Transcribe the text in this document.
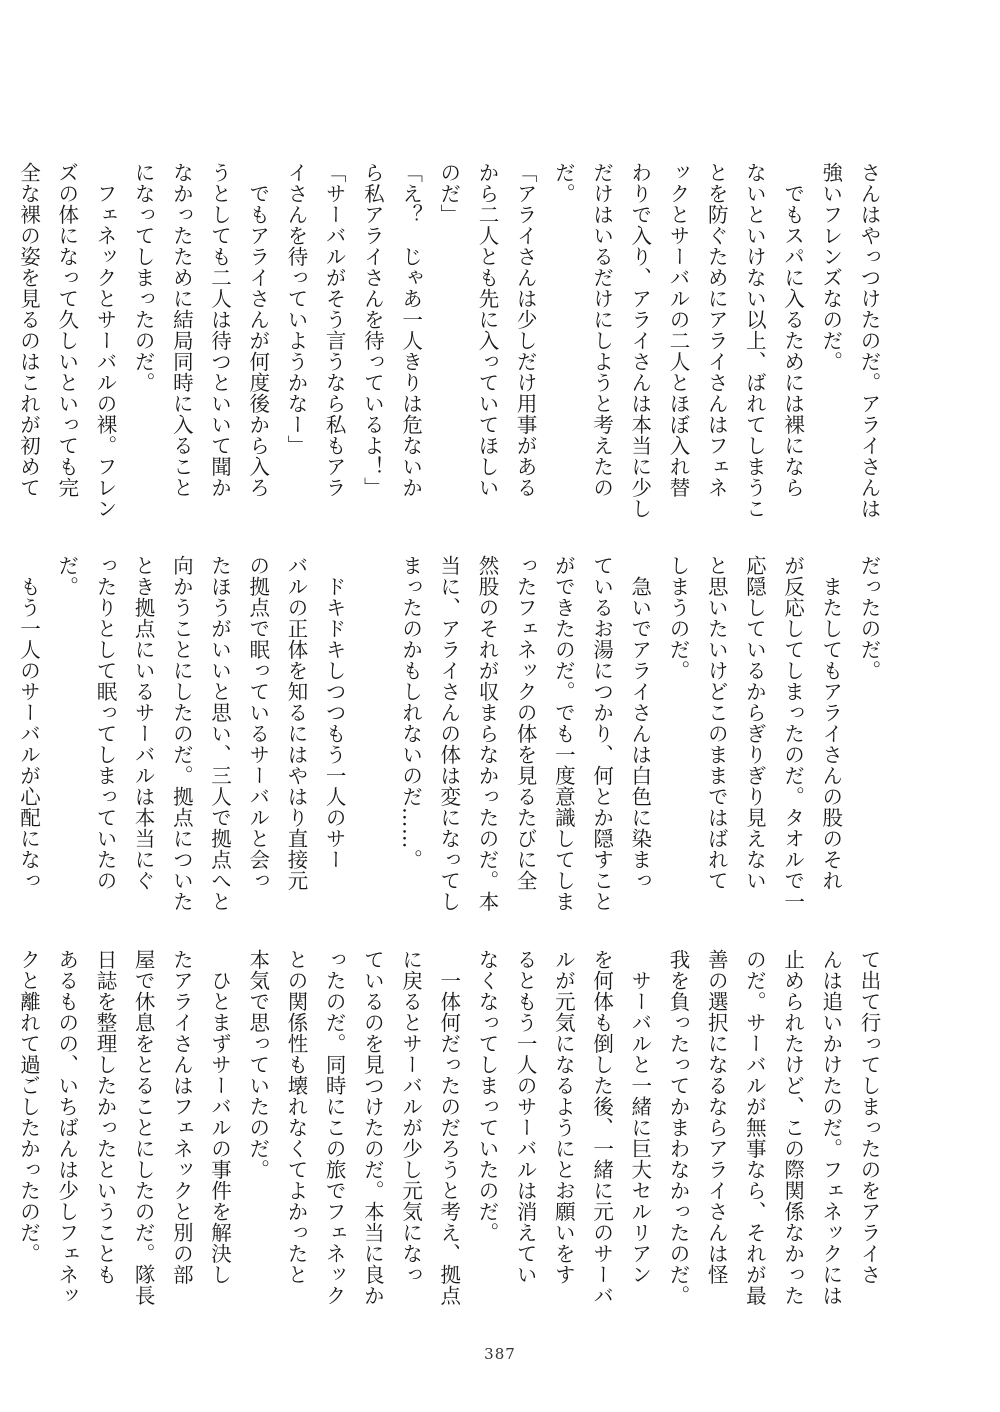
さんはやっつけたのだ。アライさんは

強いフレンズなのだ。

　でもスパに入るためには裸になら

ないといけない以上、ばれてしまうこ

とを防ぐためにアライさんはフェネ

ックとサーバルの二人とほぼ入れ替

わりで入り、アライさんは本当に少し

だけはいるだけにしようと考えたの

だ。

「アライさんは少しだけ用事がある

から二人とも先に入っていてほしい

のだ」

「え？　じゃあ一人きりは危ないか

ら私アライさんを待っているよ！」

「サーバルがそう言うなら私もアラ

イさんを待っていようかなー」

　でもアライさんが何度後から入ろ

うとしても二人は待つといいて聞か

なかったために結局同時に入ること

になってしまったのだ。

　フェネックとサーバルの裸。フレン

ズの体になって久しいといっても完

全な裸の姿を見るのはこれが初めて

だったのだ。

　またしてもアライさんの股のそれ

が反応してしまったのだ。タオルで一

応隠しているからぎりぎり見えない

と思いたいけどこのままではばれて

しまうのだ。

　急いでアライさんは白色に染まっ

ているお湯につかり、何とか隠すこと

ができたのだ。でも一度意識してしま

ったフェネックの体を見るたびに全

然股のそれが収まらなかったのだ。本

当に、アライさんの体は変になってし

まったのかもしれないのだ……。

　ドキドキしつつもう一人のサー

バルの正体を知るにはやはり直接元

の拠点で眠っているサーバルと会っ

たほうがいいと思い、三人で拠点へと

向かうことにしたのだ。拠点についた

とき拠点にいるサーバルは本当にぐ

ったりとして眠ってしまっていたの

だ。

　もう一人のサーバルが心配になっ

て出て行ってしまったのをアライさ

んは追いかけたのだ。フェネックには

止められたけど、この際関係なかった

のだ。サーバルが無事なら、それが最

善の選択になるならアライさんは怪

我を負ったってかまわなかったのだ。

　サーバルと一緒に巨大セルリアン

を何体も倒した後、一緒に元のサーバ

ルが元気になるようにとお願いをす

るともう一人のサーバルは消えてい

なくなってしまっていたのだ。

　一体何だったのだろうと考え、拠点

に戻るとサーバルが少し元気になっ

ているのを見つけたのだ。本当に良か

ったのだ。同時にこの旅でフェネック

との関係性も壊れなくてよかったと

本気で思っていたのだ。

　ひとまずサーバルの事件を解決し

たアライさんはフェネックと別の部

屋で休息をとることにしたのだ。隊長

日誌を整理したかったということも

あるものの、いちばんは少しフェネッ

クと離れて過ごしたかったのだ。

387
